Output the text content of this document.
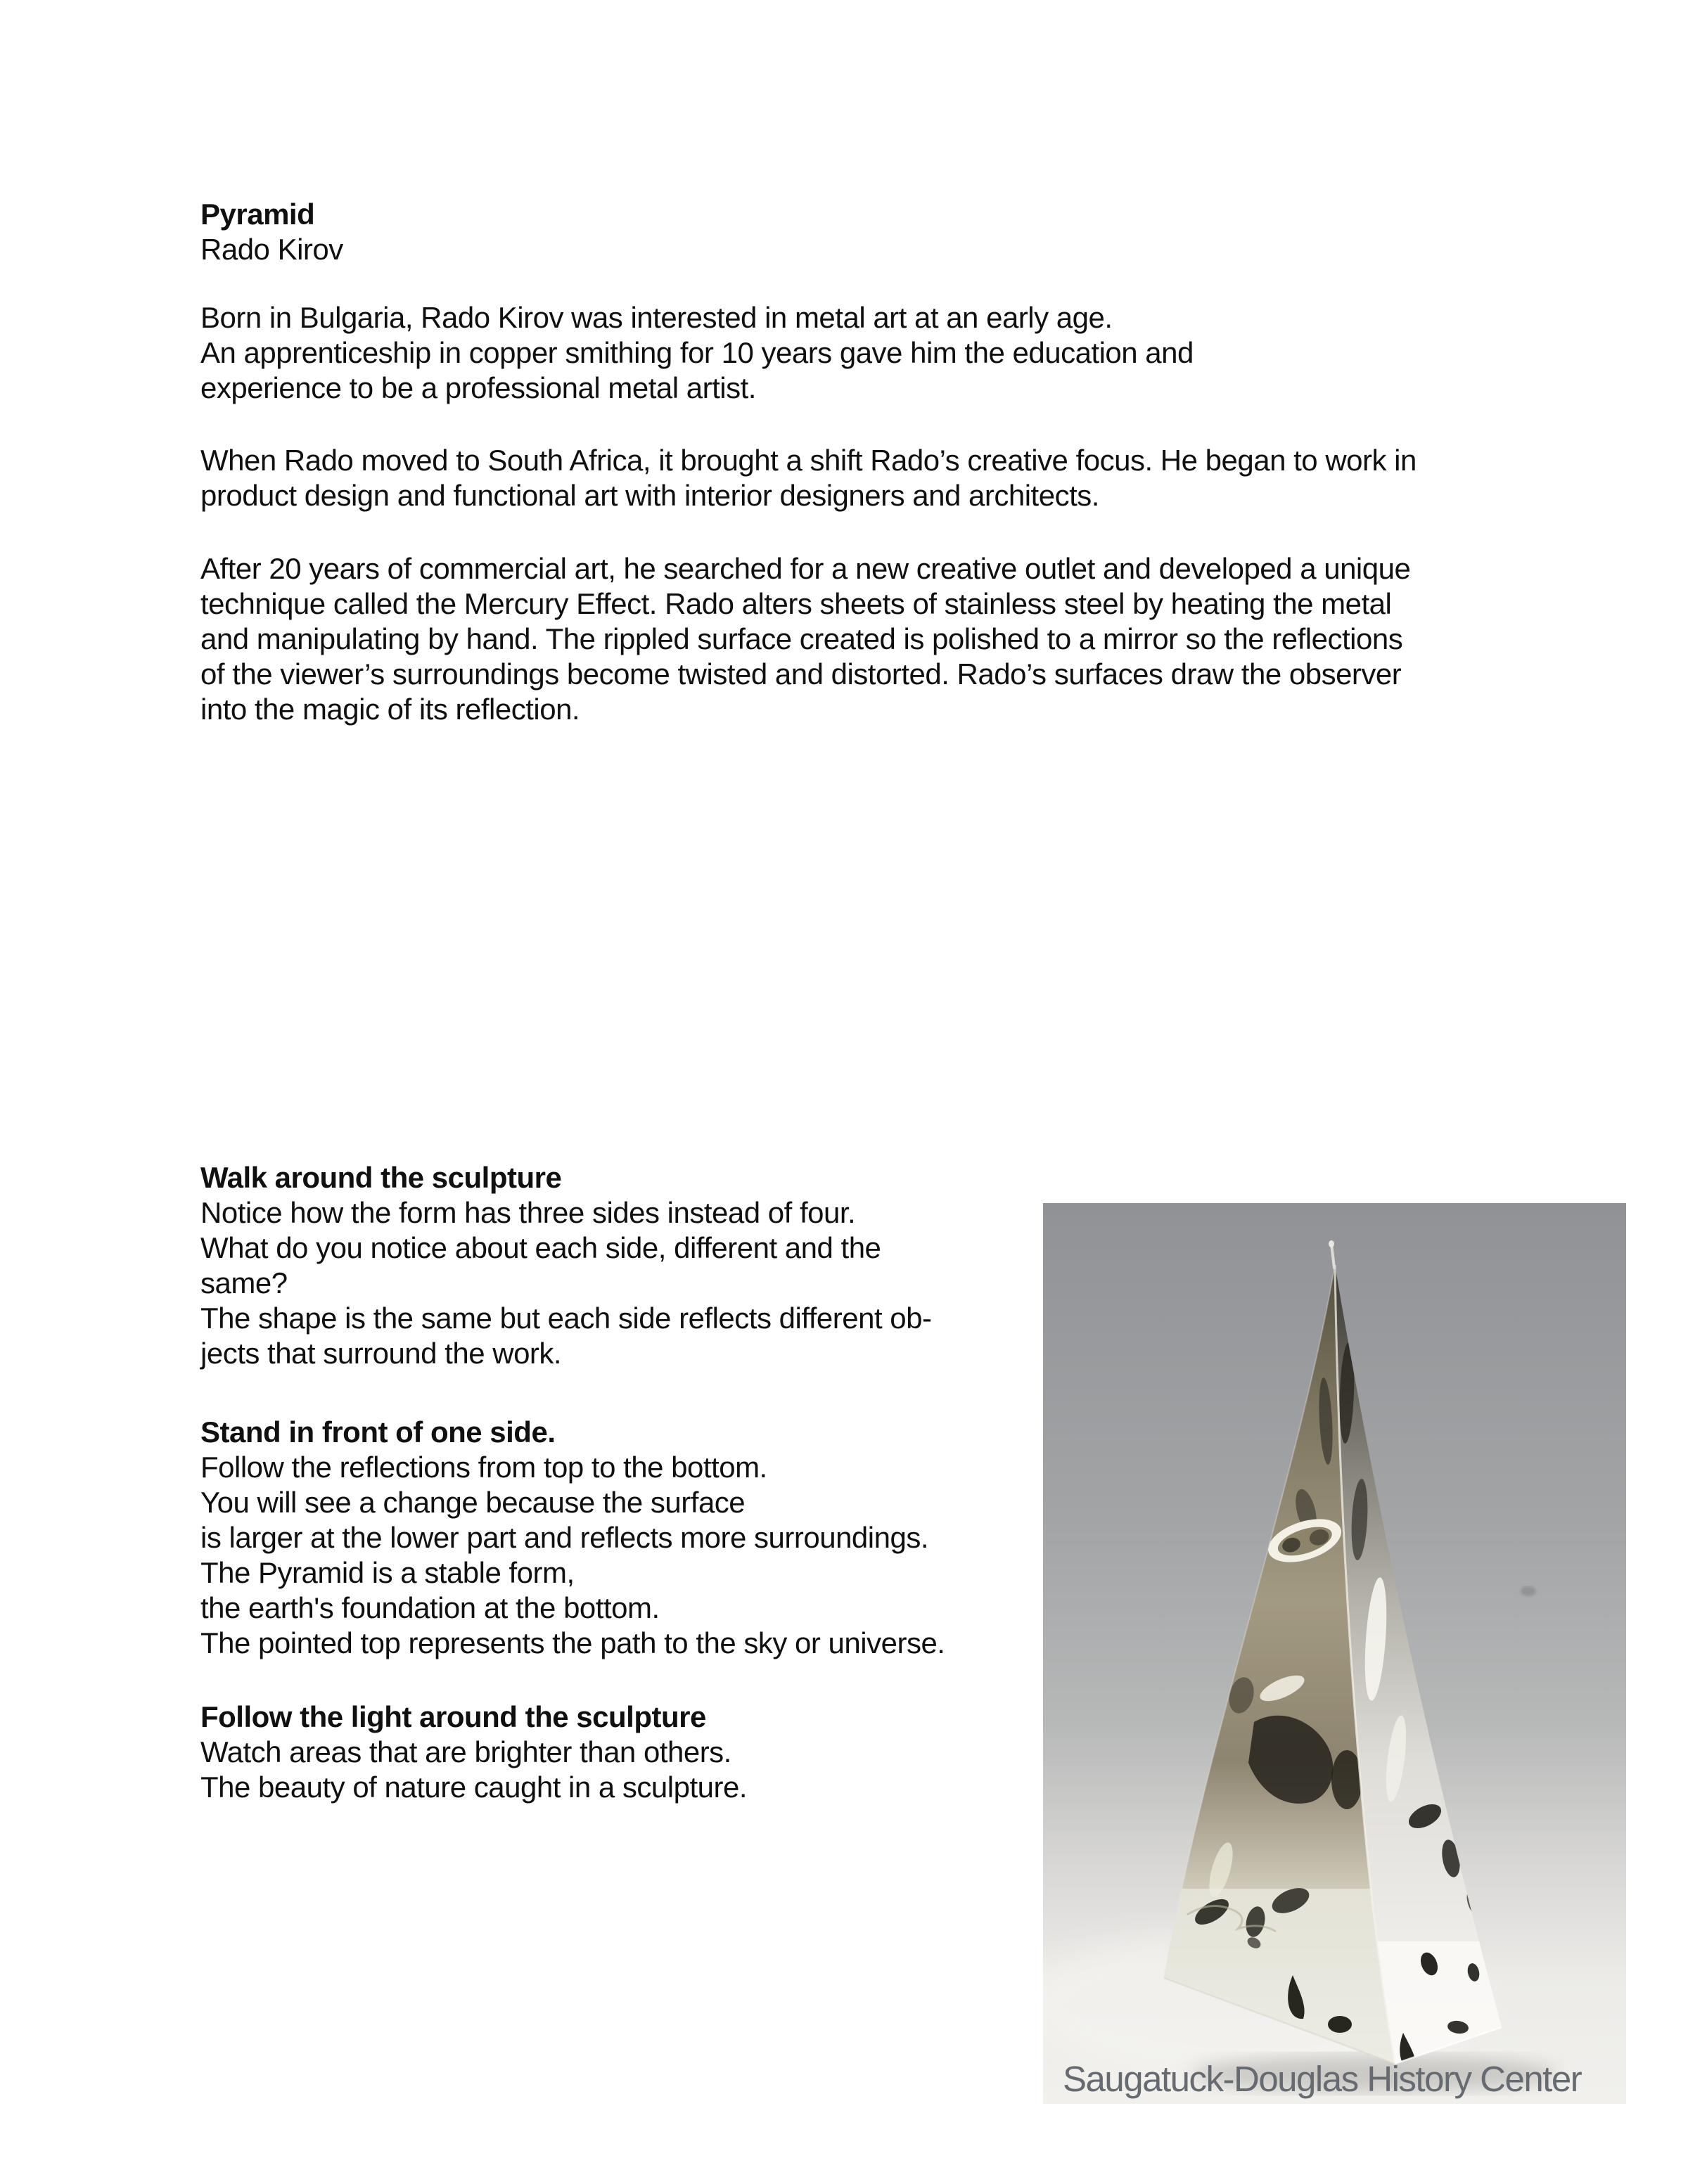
Pyramid
Rado Kirov
Born in Bulgaria, Rado Kirov was interested in metal art at an early age.
An apprenticeship in copper smithing for 10 years gave him the education and
experience to be a professional metal artist.
When Rado moved to South Africa, it brought a shift Rado’s creative focus. He began to work in
product design and functional art with interior designers and architects.
After 20 years of commercial art, he searched for a new creative outlet and developed a unique
technique called the Mercury Effect. Rado alters sheets of stainless steel by heating the metal
and manipulating by hand. The rippled surface created is polished to a mirror so the reflections
of the viewer’s surroundings become twisted and distorted. Rado’s surfaces draw the observer
into the magic of its reflection.
Walk around the sculpture
Notice how the form has three sides instead of four.
What do you notice about each side, different and the
same?
The shape is the same but each side reflects different ob-
jects that surround the work.
Stand in front of one side.
Follow the reflections from top to the bottom.
You will see a change because the surface
is larger at the lower part and reflects more surroundings.
The Pyramid is a stable form,
the earth's foundation at the bottom.
The pointed top represents the path to the sky or universe.
Follow the light around the sculpture
Watch areas that are brighter than others.
The beauty of nature caught in a sculpture.
Saugatuck-Douglas History Center
